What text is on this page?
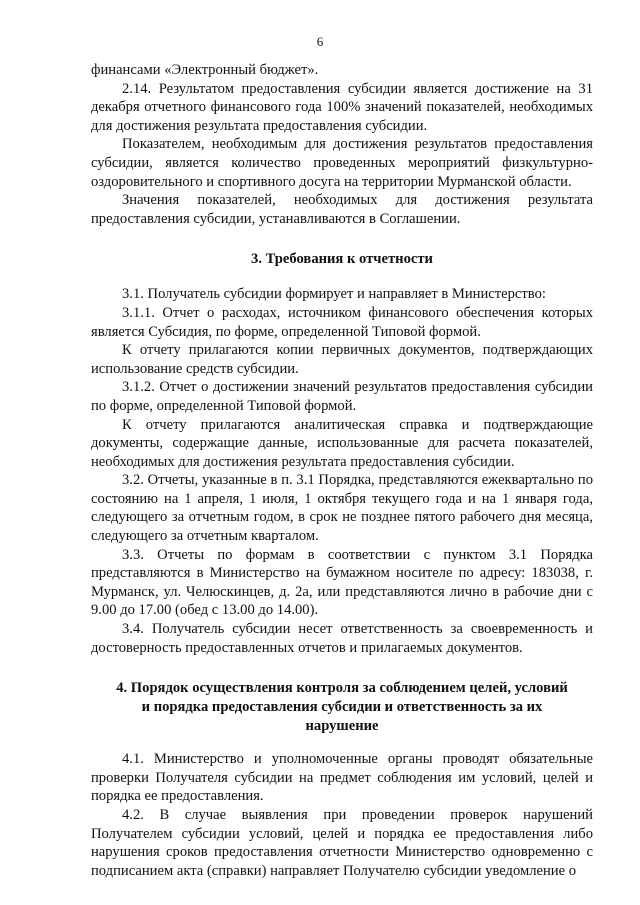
6

финансами «Электронный бюджет».

2.14. Результатом предоставления субсидии является достижение на 31 декабря отчетного финансового года 100% значений показателей, необходимых для достижения результата предоставления субсидии.

Показателем, необходимым для достижения результатов предоставления субсидии, является количество проведенных мероприятий физкультурно-оздоровительного и спортивного досуга на территории Мурманской области.

Значения показателей, необходимых для достижения результата предоставления субсидии, устанавливаются в Соглашении.

3. Требования к отчетности

3.1. Получатель субсидии формирует и направляет в Министерство:

3.1.1. Отчет о расходах, источником финансового обеспечения которых является Субсидия, по форме, определенной Типовой формой.

К отчету прилагаются копии первичных документов, подтверждающих использование средств субсидии.

3.1.2. Отчет о достижении значений результатов предоставления субсидии по форме, определенной Типовой формой.

К отчету прилагаются аналитическая справка и подтверждающие документы, содержащие данные, использованные для расчета показателей, необходимых для достижения результата предоставления субсидии.

3.2. Отчеты, указанные в п. 3.1 Порядка, представляются ежеквартально по состоянию на 1 апреля, 1 июля, 1 октября текущего года и на 1 января года, следующего за отчетным годом, в срок не позднее пятого рабочего дня месяца, следующего за отчетным кварталом.

3.3. Отчеты по формам в соответствии с пунктом 3.1 Порядка представляются в Министерство на бумажном носителе по адресу: 183038, г. Мурманск, ул. Челюскинцев, д. 2а, или представляются лично в рабочие дни с 9.00 до 17.00 (обед с 13.00 до 14.00).

3.4. Получатель субсидии несет ответственность за своевременность и достоверность предоставленных отчетов и прилагаемых документов.

4. Порядок осуществления контроля за соблюдением целей, условий и порядка предоставления субсидии и ответственность за их нарушение

4.1. Министерство и уполномоченные органы проводят обязательные проверки Получателя субсидии на предмет соблюдения им условий, целей и порядка ее предоставления.

4.2. В случае выявления при проведении проверок нарушений Получателем субсидии условий, целей и порядка ее предоставления либо нарушения сроков предоставления отчетности Министерство одновременно с подписанием акта (справки) направляет Получателю субсидии уведомление о
